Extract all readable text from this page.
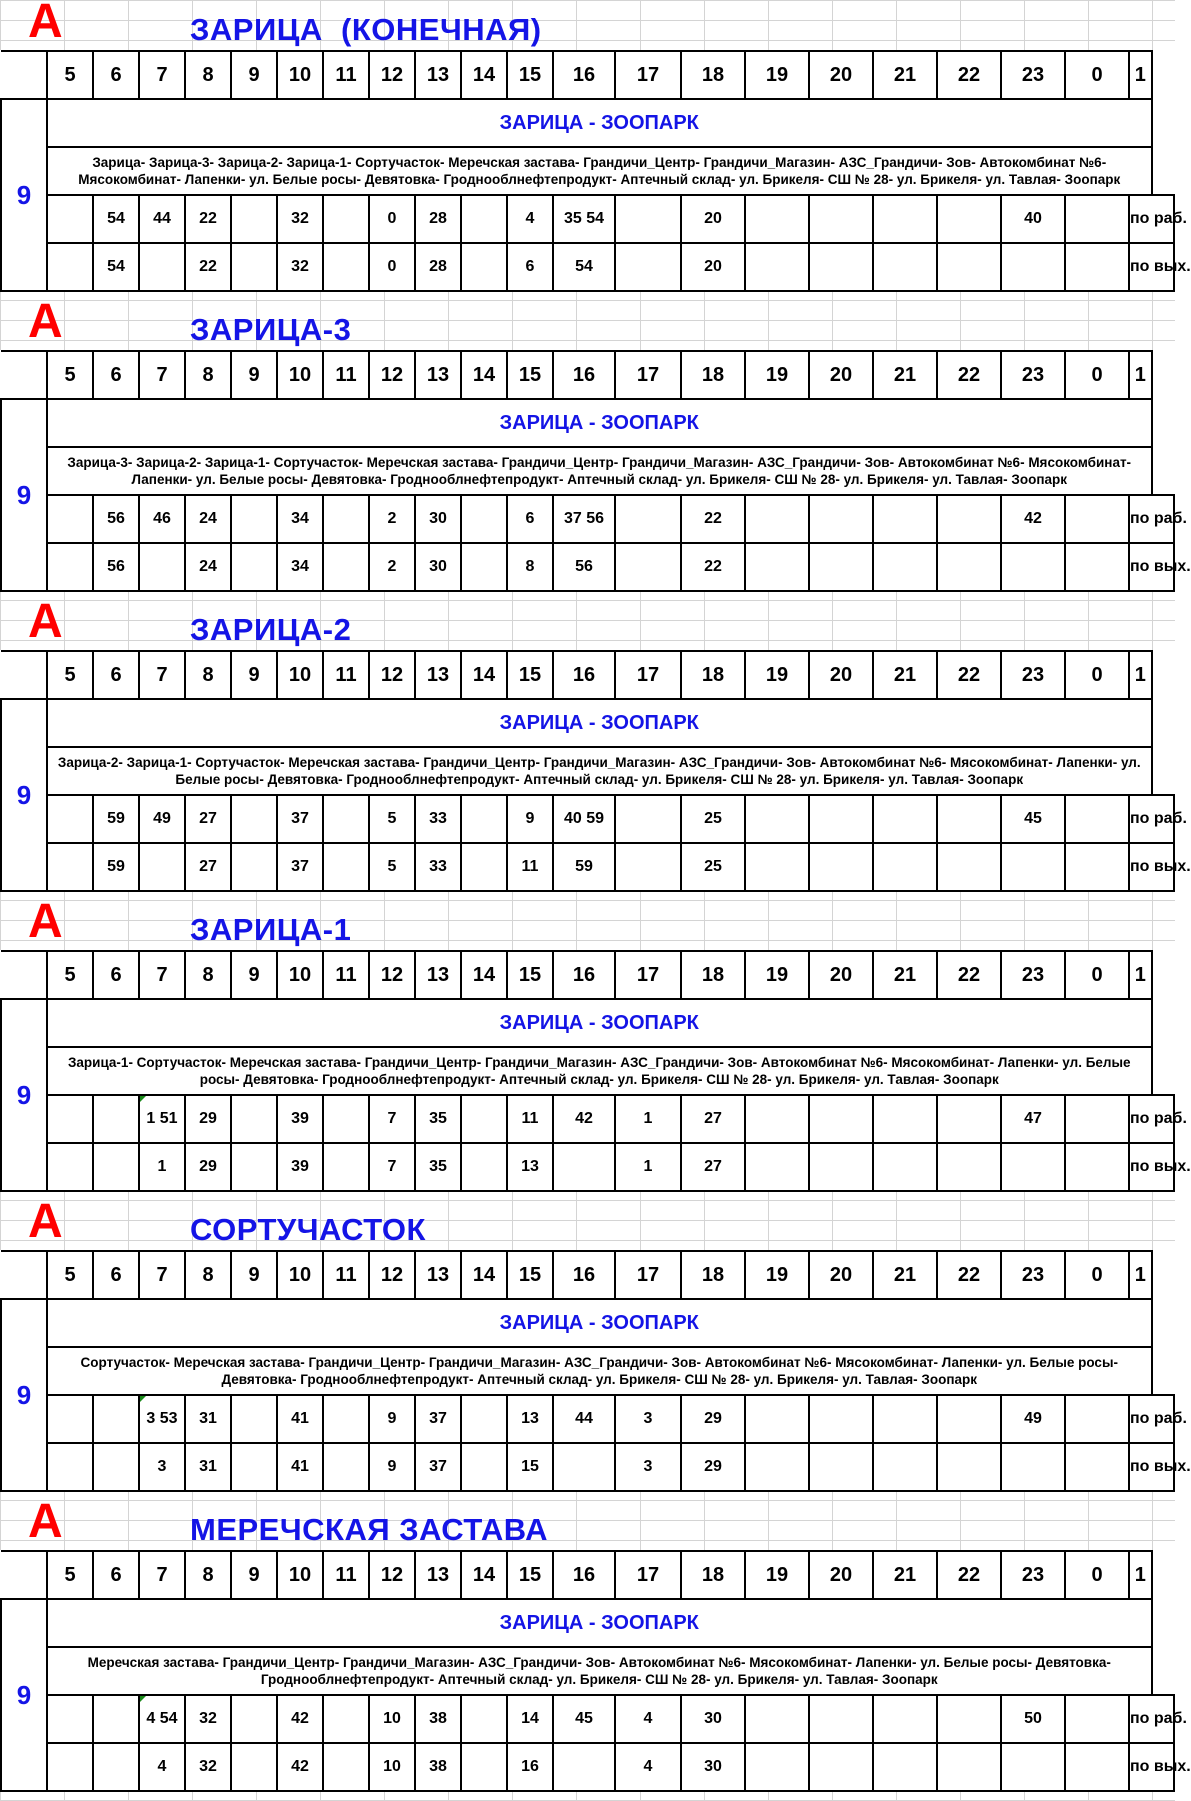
A	ЗАРИЦА  (КОНЕЧНАЯ)
	5	6	7	8	9	10	11	12	13	14	15	16	17	18	19	20	21	22	23	0	1
9	ЗАРИЦА - ЗООПАРК																				
	Зарица- Зарица-3- Зарица-2- Зарица-1- Сортучасток- Меречская застава- Грандичи_Центр- Грандичи_Магазин- АЗС_Грандичи- Зов- Автокомбинат №6- Мясокомбинат- Лапенки- ул. Белые росы- Девятовка- Гроднооблнефтепродукт- Аптечный склад- ул. Брикеля- СШ № 28- ул. Брикеля- ул. Тавлая- Зоопарк																				
		54	44	22		32		0	28		4	35 54		20					40		по раб.
		54		22		32		0	28		6	54		20							по вых.
A	ЗАРИЦА-3
	5	6	7	8	9	10	11	12	13	14	15	16	17	18	19	20	21	22	23	0	1
9	ЗАРИЦА - ЗООПАРК																				
	Зарица-3- Зарица-2- Зарица-1- Сортучасток- Меречская застава- Грандичи_Центр- Грандичи_Магазин- АЗС_Грандичи- Зов- Автокомбинат №6- Мясокомбинат- Лапенки- ул. Белые росы- Девятовка- Гроднооблнефтепродукт- Аптечный склад- ул. Брикеля- СШ № 28- ул. Брикеля- ул. Тавлая- Зоопарк																				
		56	46	24		34		2	30		6	37 56		22					42		по раб.
		56		24		34		2	30		8	56		22							по вых.
A	ЗАРИЦА-2
	5	6	7	8	9	10	11	12	13	14	15	16	17	18	19	20	21	22	23	0	1
9	ЗАРИЦА - ЗООПАРК																				
	Зарица-2- Зарица-1- Сортучасток- Меречская застава- Грандичи_Центр- Грандичи_Магазин- АЗС_Грандичи- Зов- Автокомбинат №6- Мясокомбинат- Лапенки- ул. Белые росы- Девятовка- Гроднооблнефтепродукт- Аптечный склад- ул. Брикеля- СШ № 28- ул. Брикеля- ул. Тавлая- Зоопарк																				
		59	49	27		37		5	33		9	40 59		25					45		по раб.
		59		27		37		5	33		11	59		25							по вых.
A	ЗАРИЦА-1
	5	6	7	8	9	10	11	12	13	14	15	16	17	18	19	20	21	22	23	0	1
9	ЗАРИЦА - ЗООПАРК																				
	Зарица-1- Сортучасток- Меречская застава- Грандичи_Центр- Грандичи_Магазин- АЗС_Грандичи- Зов- Автокомбинат №6- Мясокомбинат- Лапенки- ул. Белые росы- Девятовка- Гроднооблнефтепродукт- Аптечный склад- ул. Брикеля- СШ № 28- ул. Брикеля- ул. Тавлая- Зоопарк																				
			1 51	29		39		7	35		11	42	1	27					47		по раб.
			1	29		39		7	35		13		1	27							по вых.
A	СОРТУЧАСТОК
	5	6	7	8	9	10	11	12	13	14	15	16	17	18	19	20	21	22	23	0	1
9	ЗАРИЦА - ЗООПАРК																				
	Сортучасток- Меречская застава- Грандичи_Центр- Грандичи_Магазин- АЗС_Грандичи- Зов- Автокомбинат №6- Мясокомбинат- Лапенки- ул. Белые росы- Девятовка- Гроднооблнефтепродукт- Аптечный склад- ул. Брикеля- СШ № 28- ул. Брикеля- ул. Тавлая- Зоопарк																				
			3 53	31		41		9	37		13	44	3	29					49		по раб.
			3	31		41		9	37		15		3	29							по вых.
A	МЕРЕЧСКАЯ ЗАСТАВА
	5	6	7	8	9	10	11	12	13	14	15	16	17	18	19	20	21	22	23	0	1
9	ЗАРИЦА - ЗООПАРК																				
	Меречская застава- Грандичи_Центр- Грандичи_Магазин- АЗС_Грандичи- Зов- Автокомбинат №6- Мясокомбинат- Лапенки- ул. Белые росы- Девятовка- Гроднооблнефтепродукт- Аптечный склад- ул. Брикеля- СШ № 28- ул. Брикеля- ул. Тавлая- Зоопарк																				
			4 54	32		42		10	38		14	45	4	30					50		по раб.
			4	32		42		10	38		16		4	30							по вых.
